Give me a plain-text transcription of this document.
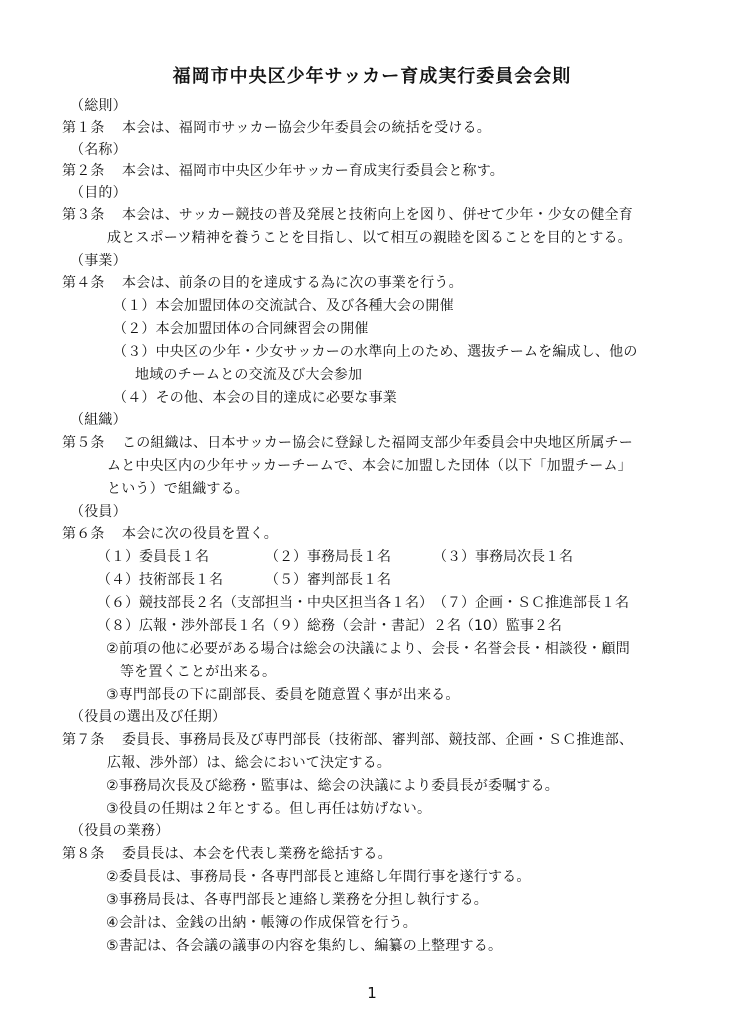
福岡市中央区少年サッカー育成実行委員会会則
（総則）
第１条 本会は、福岡市サッカー協会少年委員会の統括を受ける。
（名称）
第２条 本会は、福岡市中央区少年サッカー育成実行委員会と称す。
（目的）
第３条 本会は、サッカー競技の普及発展と技術向上を図り、併せて少年・少女の健全育
成とスポーツ精神を養うことを目指し、以て相互の親睦を図ることを目的とする。
（事業）
第４条 本会は、前条の目的を達成する為に次の事業を行う。
（１）本会加盟団体の交流試合、及び各種大会の開催
（２）本会加盟団体の合同練習会の開催
（３）中央区の少年・少女サッカーの水準向上のため、選抜チームを編成し、他の
地域のチームとの交流及び大会参加
（４）その他、本会の目的達成に必要な事業
（組織）
第５条 この組織は、日本サッカー協会に登録した福岡支部少年委員会中央地区所属チー
ムと中央区内の少年サッカーチームで、本会に加盟した団体（以下「加盟チーム」
という）で組織する。
（役員）
第６条 本会に次の役員を置く。
（１）委員長１名	（２）事務局長１名	（３）事務局次長１名
（４）技術部長１名	（５）審判部長１名
（６）競技部長２名（支部担当・中央区担当各１名） （７）企画・ＳＣ推進部長１名
（８）広報・渉外部長１名 （９）総務（会計・書記）２名 （10）監事２名
②前項の他に必要がある場合は総会の決議により、会長・名誉会長・相談役・顧問
等を置くことが出来る。
③専門部長の下に副部長、委員を随意置く事が出来る。
（役員の選出及び任期）
第７条 委員長、事務局長及び専門部長（技術部、審判部、競技部、企画・ＳＣ推進部、
広報、渉外部）は、総会において決定する。
②事務局次長及び総務・監事は、総会の決議により委員長が委嘱する。
③役員の任期は２年とする。但し再任は妨げない。
（役員の業務）
第８条 委員長は、本会を代表し業務を総括する。
②委員長は、事務局長・各専門部長と連絡し年間行事を遂行する。
③事務局長は、各専門部長と連絡し業務を分担し執行する。
④会計は、金銭の出納・帳簿の作成保管を行う。
⑤書記は、各会議の議事の内容を集約し、編纂の上整理する。
1
